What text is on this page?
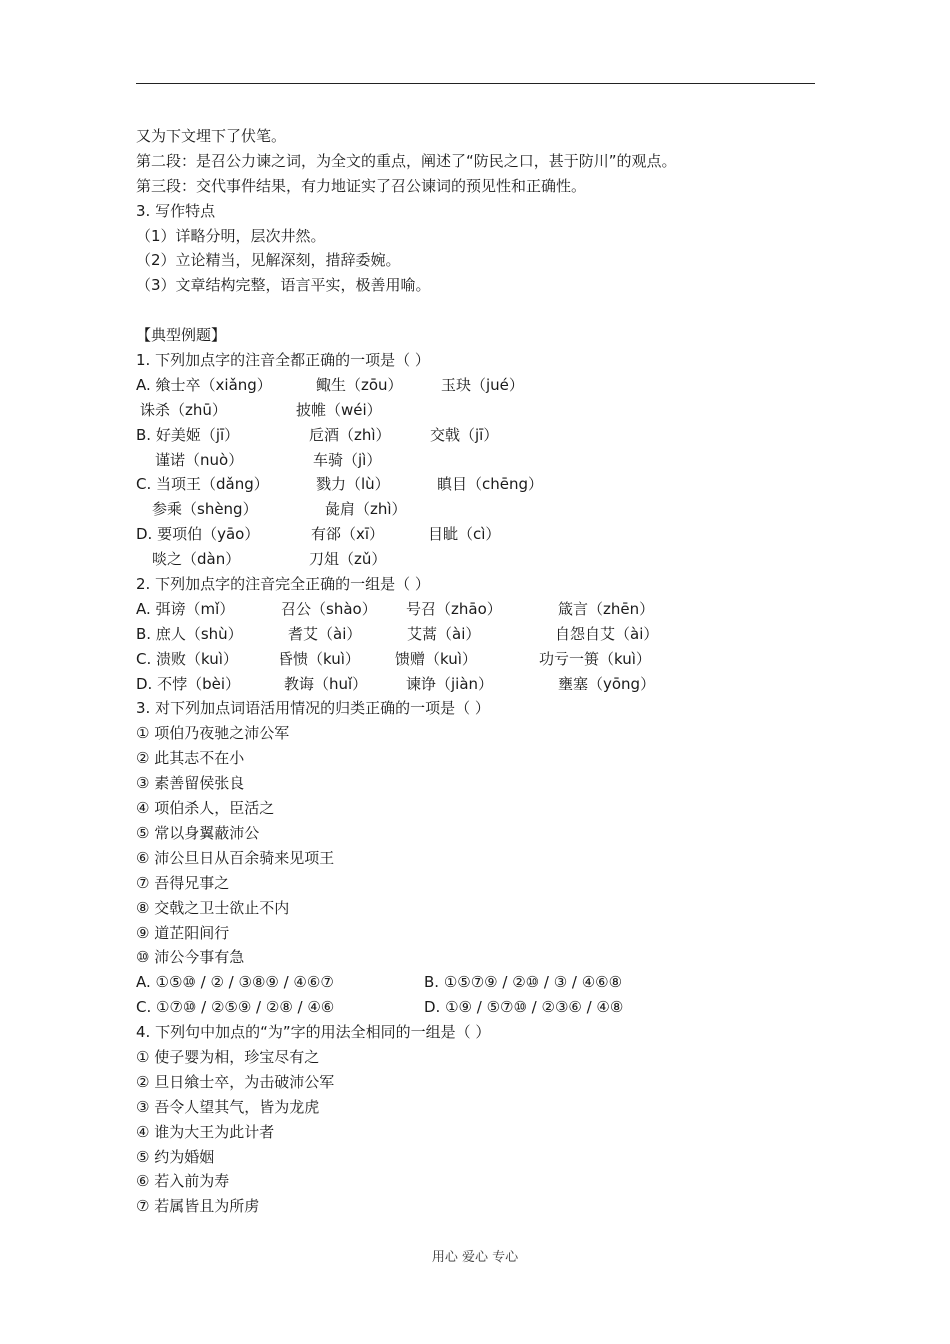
又为下文埋下了伏笔。
第二段：是召公力谏之词，为全文的重点，阐述了“防民之口，甚于防川”的观点。
第三段：交代事件结果，有力地证实了召公谏词的预见性和正确性。
3. 写作特点
（1）详略分明，层次井然。
（2）立论精当，见解深刻，措辞委婉。
（3）文章结构完整，语言平实，极善用喻。
【典型例题】
1. 下列加点字的注音全都正确的一项是（ ）
A. 飨士卒（xiǎng）	鲰生（zōu）	玉玦（jué）
诛杀（zhū）	披帷（wéi）
B. 好美姬（jī）	卮酒（zhì）	交戟（jī）
谨诺（nuò）	车骑（jì）
C. 当项王（dǎng）	戮力（lù）	瞋目（chēng）
参乘（shèng）	彘肩（zhì）
D. 要项伯（yāo）	有郤（xī）	目眦（cì）
啖之（dàn）	刀俎（zǔ）
2. 下列加点字的注音完全正确的一组是（ ）
A. 弭谤（mǐ）	召公（shào） 号召（zhāo）	箴言（zhēn）
B. 庶人（shù）	耆艾（ài）	艾蒿（ài）	自怨自艾（ài）
C. 溃败（kuì）	昏愦（kuì） 馈赠（kuì）	功亏一篑（kuì）
D. 不悖（bèi）	教诲（huǐ）	谏诤（jiàn）	壅塞（yōng）
3. 对下列加点词语活用情况的归类正确的一项是（ ）
① 项伯乃夜驰之沛公军
② 此其志不在小
③ 素善留侯张良
④ 项伯杀人，臣活之
⑤ 常以身翼蔽沛公
⑥ 沛公旦日从百余骑来见项王
⑦ 吾得兄事之
⑧ 交戟之卫士欲止不内
⑨ 道芷阳间行
⑩ 沛公今事有急
A. ①⑤⑩ / ② / ③⑧⑨ / ④⑥⑦	B. ①⑤⑦⑨ / ②⑩ / ③ / ④⑥⑧
C. ①⑦⑩ / ②⑤⑨ / ②⑧ / ④⑥	D. ①⑨ / ⑤⑦⑩ / ②③⑥ / ④⑧
4. 下列句中加点的“为”字的用法全相同的一组是（ ）
① 使子婴为相，珍宝尽有之
② 旦日飨士卒，为击破沛公军
③ 吾令人望其气，皆为龙虎
④ 谁为大王为此计者
⑤ 约为婚姻
⑥ 若入前为寿
⑦ 若属皆且为所虏
用心 爱心 专心
